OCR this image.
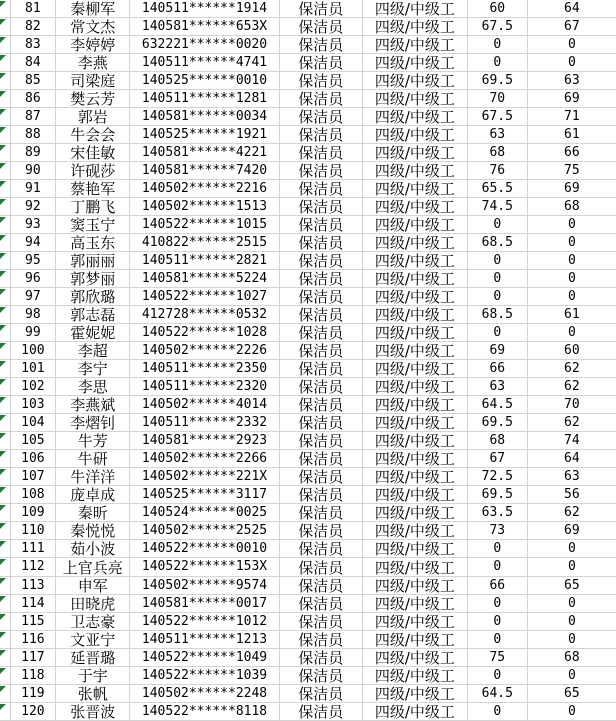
81	秦柳军	140511******1914	保洁员	四级/中级工	60	64
82	常文杰	140581******653X	保洁员	四级/中级工	67.5	67
83	李婷婷	632221******0020	保洁员	四级/中级工	0	0
84	李燕	140511******4741	保洁员	四级/中级工	0	0
85	司梁庭	140525******0010	保洁员	四级/中级工	69.5	63
86	樊云芳	140511******1281	保洁员	四级/中级工	70	69
87	郭岩	140581******0034	保洁员	四级/中级工	67.5	71
88	牛会会	140525******1921	保洁员	四级/中级工	63	61
89	宋佳敏	140581******4221	保洁员	四级/中级工	68	66
90	许砚莎	140581******7420	保洁员	四级/中级工	76	75
91	蔡艳军	140502******2216	保洁员	四级/中级工	65.5	69
92	丁鹏飞	140502******1513	保洁员	四级/中级工	74.5	68
93	窦玉宁	140522******1015	保洁员	四级/中级工	0	0
94	高玉东	410822******2515	保洁员	四级/中级工	68.5	0
95	郭丽丽	140511******2821	保洁员	四级/中级工	0	0
96	郭梦丽	140581******5224	保洁员	四级/中级工	0	0
97	郭欣璐	140522******1027	保洁员	四级/中级工	0	0
98	郭志磊	412728******0532	保洁员	四级/中级工	68.5	61
99	霍妮妮	140522******1028	保洁员	四级/中级工	0	0
100	李超	140502******2226	保洁员	四级/中级工	69	60
101	李宁	140511******2350	保洁员	四级/中级工	66	62
102	李思	140511******2320	保洁员	四级/中级工	63	62
103	李燕斌	140502******4014	保洁员	四级/中级工	64.5	70
104	李熠钊	140511******2332	保洁员	四级/中级工	69.5	62
105	牛芳	140581******2923	保洁员	四级/中级工	68	74
106	牛研	140502******2266	保洁员	四级/中级工	67	64
107	牛洋洋	140502******221X	保洁员	四级/中级工	72.5	63
108	庞卓成	140525******3117	保洁员	四级/中级工	69.5	56
109	秦昕	140524******0025	保洁员	四级/中级工	63.5	62
110	秦悦悦	140502******2525	保洁员	四级/中级工	73	69
111	茹小波	140522******0010	保洁员	四级/中级工	0	0
112	上官兵亮	140522******153X	保洁员	四级/中级工	0	0
113	申军	140502******9574	保洁员	四级/中级工	66	65
114	田晓虎	140581******0017	保洁员	四级/中级工	0	0
115	卫志豪	140522******1012	保洁员	四级/中级工	0	0
116	文亚宁	140511******1213	保洁员	四级/中级工	0	0
117	延晋璐	140522******1049	保洁员	四级/中级工	75	68
118	于宇	140522******1039	保洁员	四级/中级工	0	0
119	张帆	140502******2248	保洁员	四级/中级工	64.5	65
120	张晋波	140522******8118	保洁员	四级/中级工	0	0
